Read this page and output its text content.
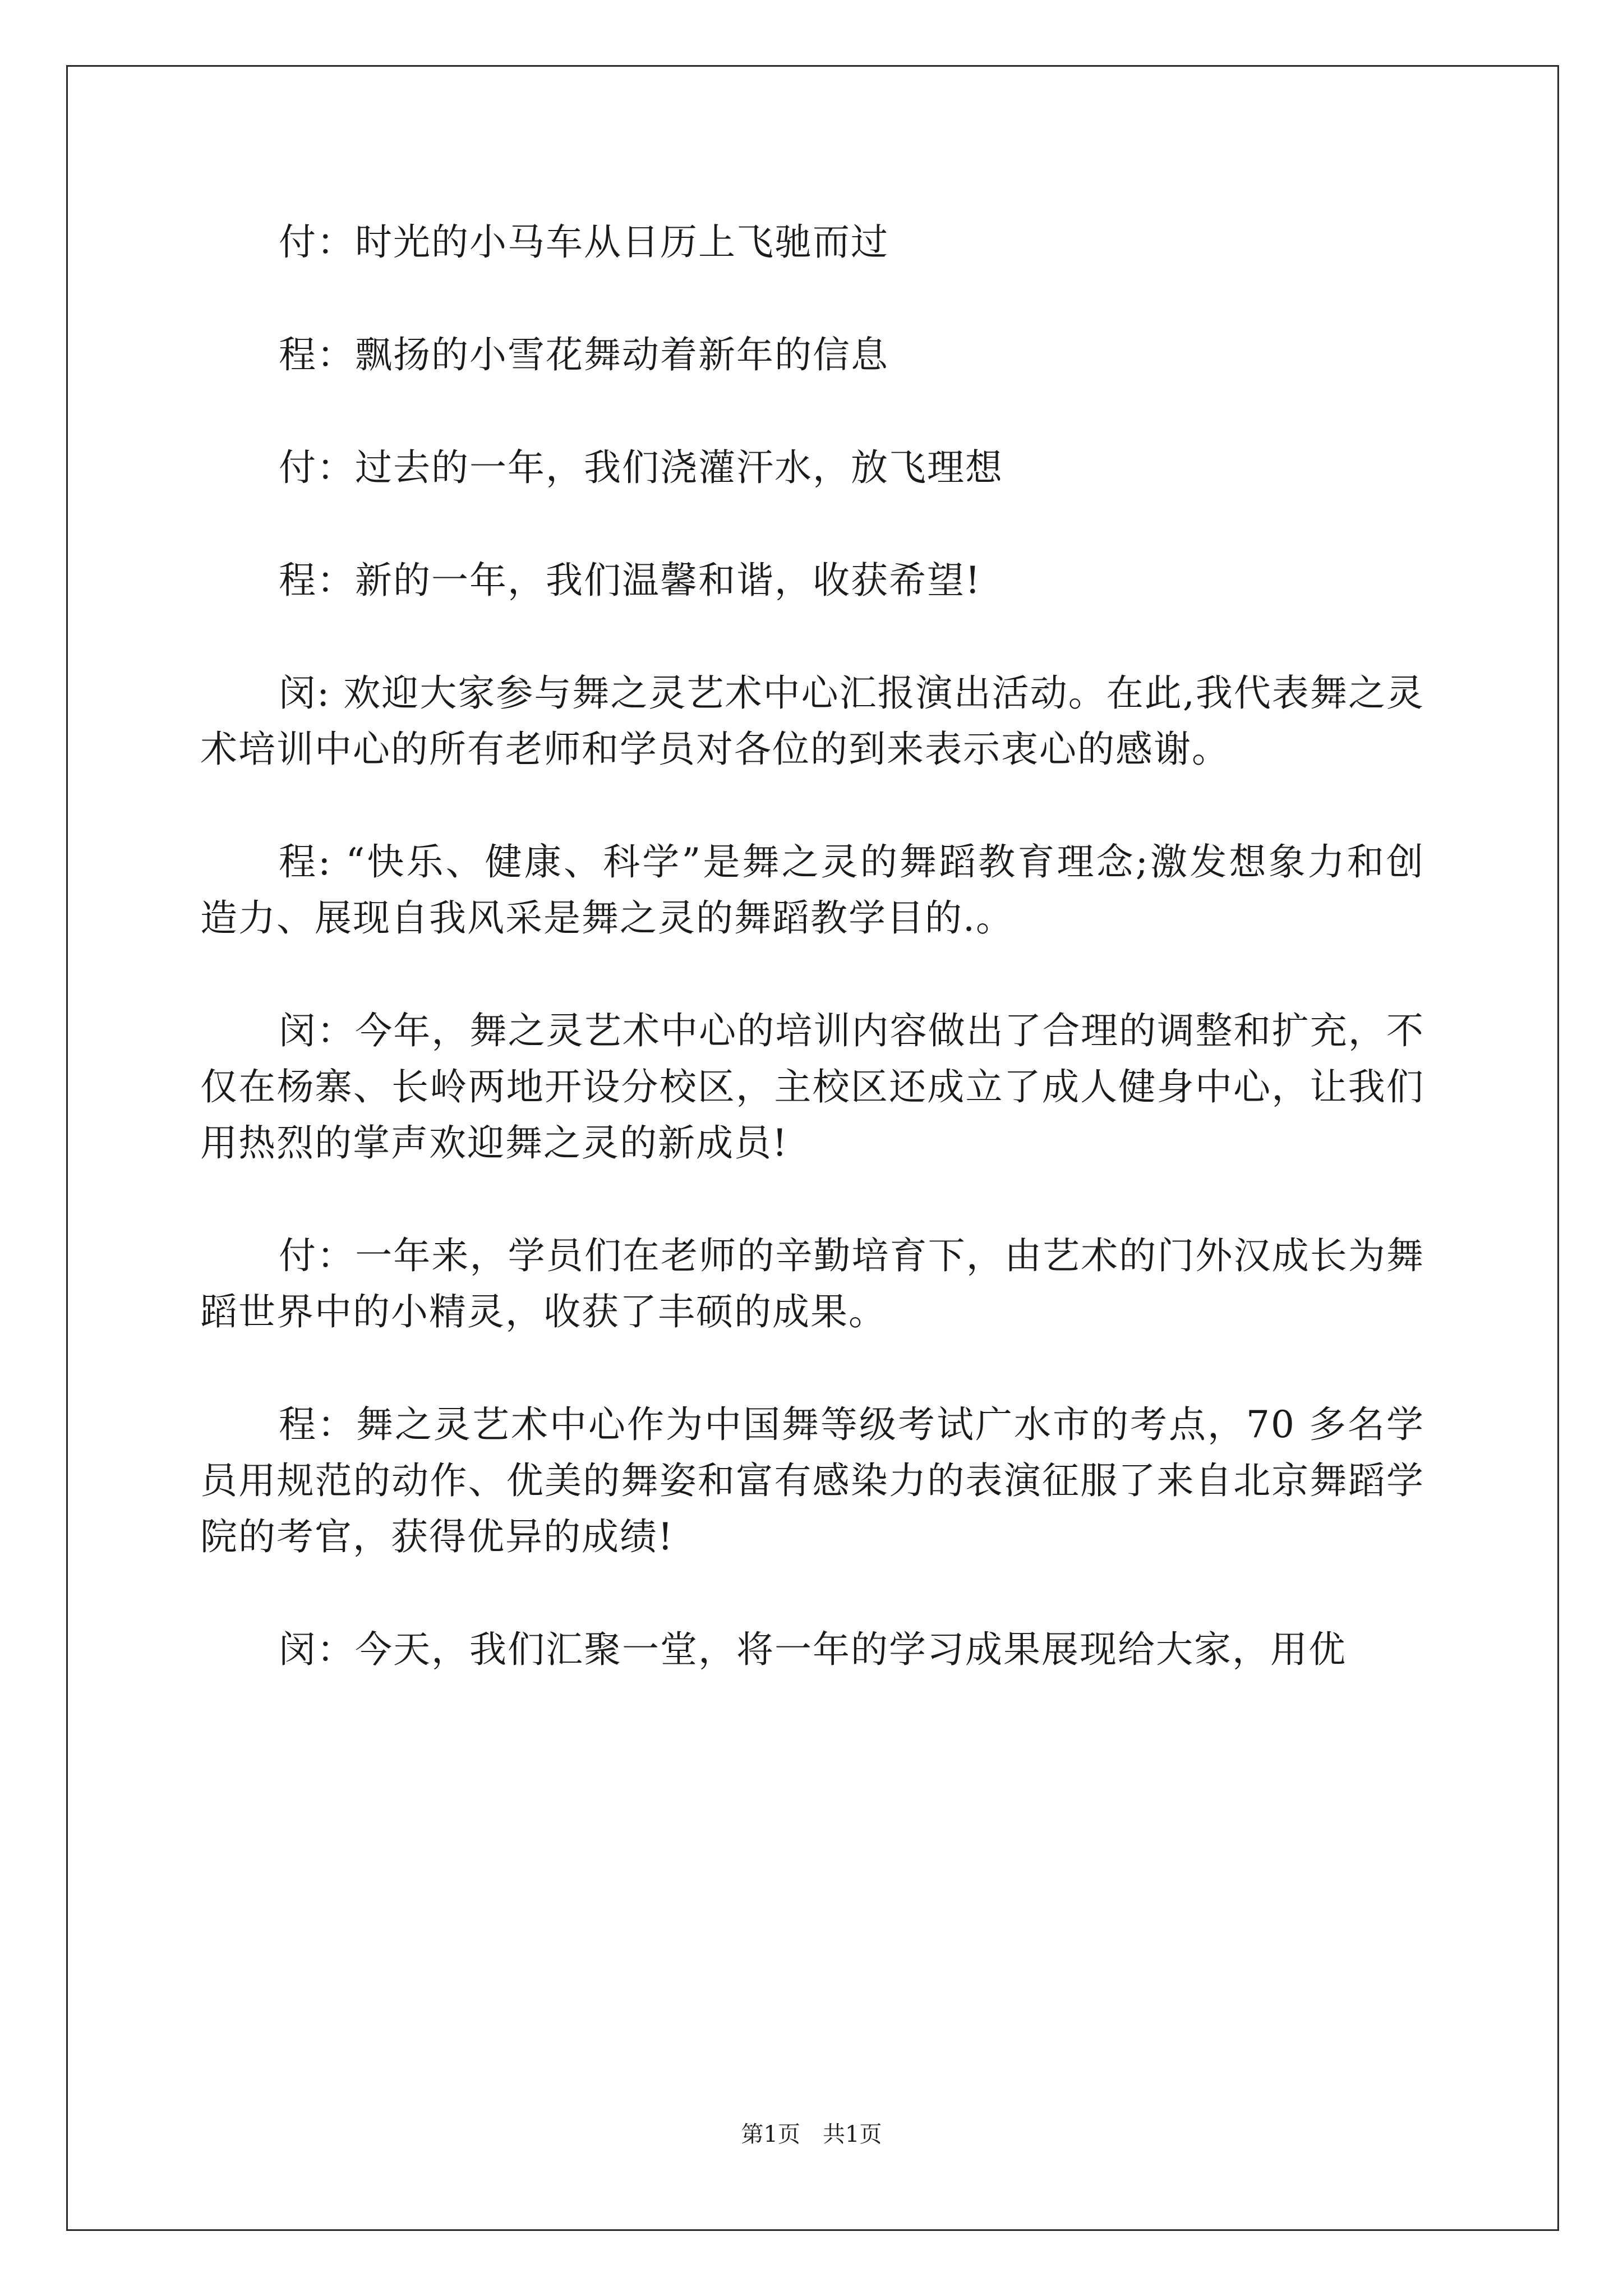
付：时光的小马车从日历上飞驰而过

程：飘扬的小雪花舞动着新年的信息

付：过去的一年，我们浇灌汗水，放飞理想

程：新的一年，我们温馨和谐，收获希望!

闵: 欢迎大家参与舞之灵艺术中心汇报演出活动。在此,我代表舞之灵术培训中心的所有老师和学员对各位的到来表示衷心的感谢。

程: “快乐、健康、科学”是舞之灵的舞蹈教育理念;激发想象力和创造力、展现自我风采是舞之灵的舞蹈教学目的.。

闵：今年，舞之灵艺术中心的培训内容做出了合理的调整和扩充，不仅在杨寨、长岭两地开设分校区，主校区还成立了成人健身中心，让我们用热烈的掌声欢迎舞之灵的新成员!

付：一年来，学员们在老师的辛勤培育下，由艺术的门外汉成长为舞蹈世界中的小精灵，收获了丰硕的成果。

程：舞之灵艺术中心作为中国舞等级考试广水市的考点，70 多名学员用规范的动作、优美的舞姿和富有感染力的表演征服了来自北京舞蹈学院的考官，获得优异的成绩!

闵：今天，我们汇聚一堂，将一年的学习成果展现给大家，用优

第1页　共1页
